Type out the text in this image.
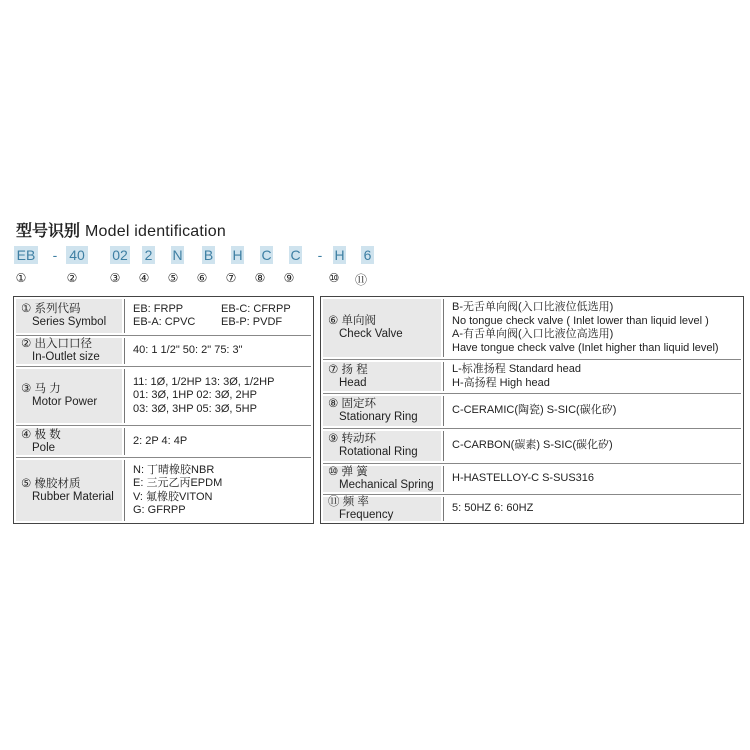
型号识别 Model identification
EB - 40 02 2 N B H C C - H 6
①	②	③	④	⑤	⑥	⑦	⑧	⑨	⑩	⑪
① 系列代码
Series Symbol
EB: FRPP	EB-C: CFRPP
EB-A: CPVC	EB-P: PVDF
② 出入口口径
In-Outlet size
40: 1 1/2" 50: 2" 75: 3"
③ 马 力
Motor Power
11: 1Ø, 1/2HP 13: 3Ø, 1/2HP
01: 3Ø, 1HP 02: 3Ø, 2HP
03: 3Ø, 3HP 05: 3Ø, 5HP
④ 极 数
Pole
2: 2P 4: 4P
⑤ 橡胶材质
Rubber Material
N: 丁晴橡胶NBR
E: 三元乙丙EPDM
V: 氟橡胶VITON
G: GFRPP
⑥ 单向阀
Check Valve
B-无舌单向阀(入口比液位低选用)
No tongue check valve ( Inlet lower than liquid level )
A-有舌单向阀(入口比液位高选用)
Have tongue check valve (Inlet higher than liquid level)
⑦ 扬 程
Head
L-标准扬程 Standard head
H-高扬程 High head
⑧ 固定环
Stationary Ring
C-CERAMIC(陶瓷) S-SIC(碳化矽)
⑨ 转动环
Rotational Ring
C-CARBON(碳素) S-SIC(碳化矽)
⑩ 弹 簧
Mechanical Spring
H-HASTELLOY-C S-SUS316
⑪ 频 率
Frequency
5: 50HZ 6: 60HZ
